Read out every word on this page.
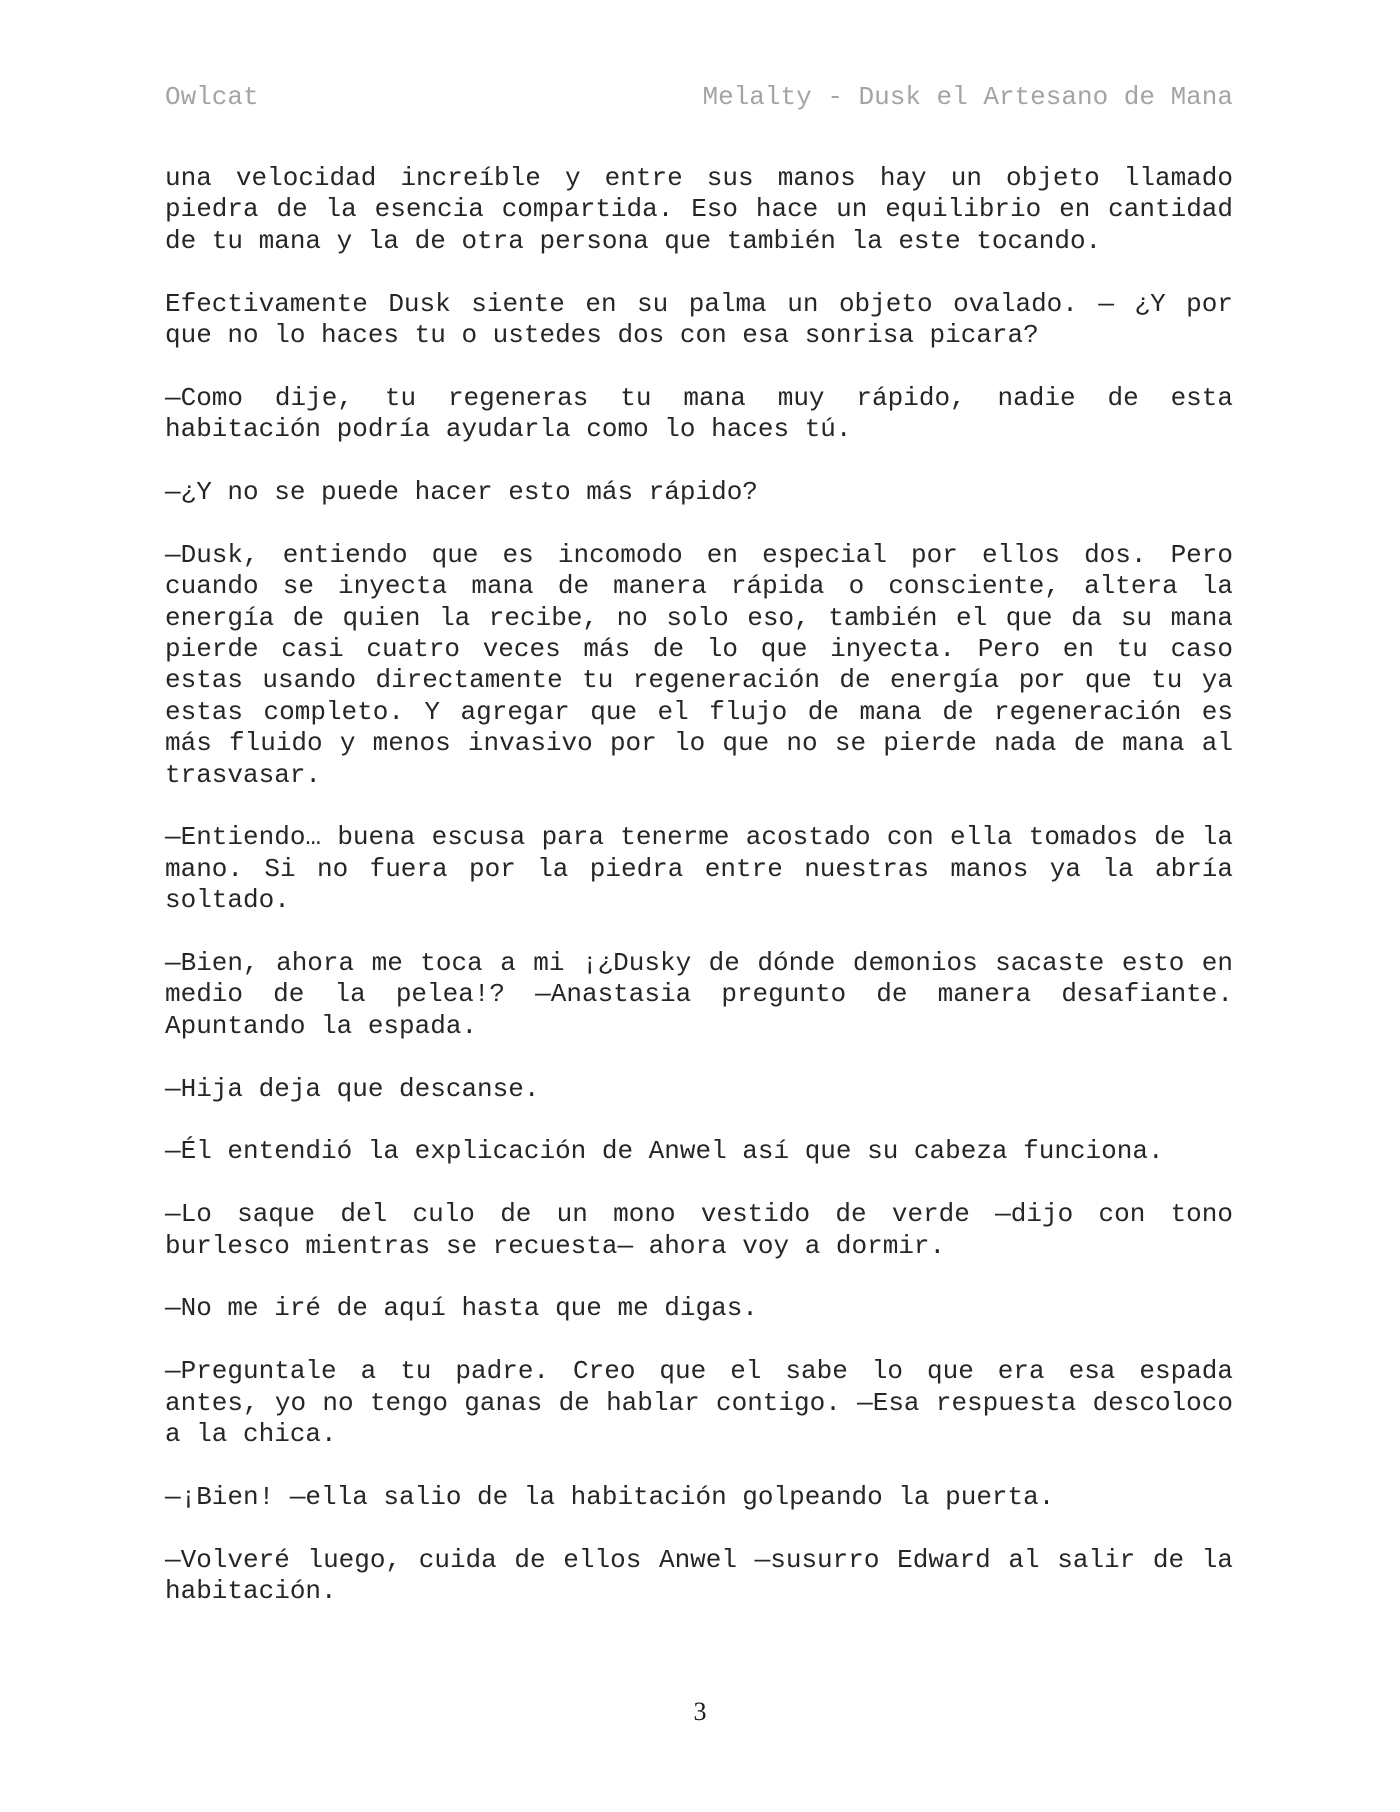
Owlcat	Melalty - Dusk el Artesano de Mana

una velocidad increíble y entre sus manos hay un objeto llamado piedra de la esencia compartida. Eso hace un equilibrio en cantidad de tu mana y la de otra persona que también la este tocando.

Efectivamente Dusk siente en su palma un objeto ovalado. — ¿Y por que no lo haces tu o ustedes dos con esa sonrisa picara?

—Como dije, tu regeneras tu mana muy rápido, nadie de esta habitación podría ayudarla como lo haces tú.

—¿Y no se puede hacer esto más rápido?

—Dusk, entiendo que es incomodo en especial por ellos dos. Pero cuando se inyecta mana de manera rápida o consciente, altera la energía de quien la recibe, no solo eso, también el que da su mana pierde casi cuatro veces más de lo que inyecta. Pero en tu caso estas usando directamente tu regeneración de energía por que tu ya estas completo. Y agregar que el flujo de mana de regeneración es más fluido y menos invasivo por lo que no se pierde nada de mana al trasvasar.

—Entiendo… buena escusa para tenerme acostado con ella tomados de la mano. Si no fuera por la piedra entre nuestras manos ya la abría soltado.

—Bien, ahora me toca a mi ¡¿Dusky de dónde demonios sacaste esto en medio de la pelea!? —Anastasia pregunto de manera desafiante. Apuntando la espada.

—Hija deja que descanse.

—Él entendió la explicación de Anwel así que su cabeza funciona.

—Lo saque del culo de un mono vestido de verde —dijo con tono burlesco mientras se recuesta— ahora voy a dormir.

—No me iré de aquí hasta que me digas.

—Preguntale a tu padre. Creo que el sabe lo que era esa espada antes, yo no tengo ganas de hablar contigo. —Esa respuesta descoloco a la chica.

—¡Bien! —ella salio de la habitación golpeando la puerta.

—Volveré luego, cuida de ellos Anwel —susurro Edward al salir de la habitación.

3
